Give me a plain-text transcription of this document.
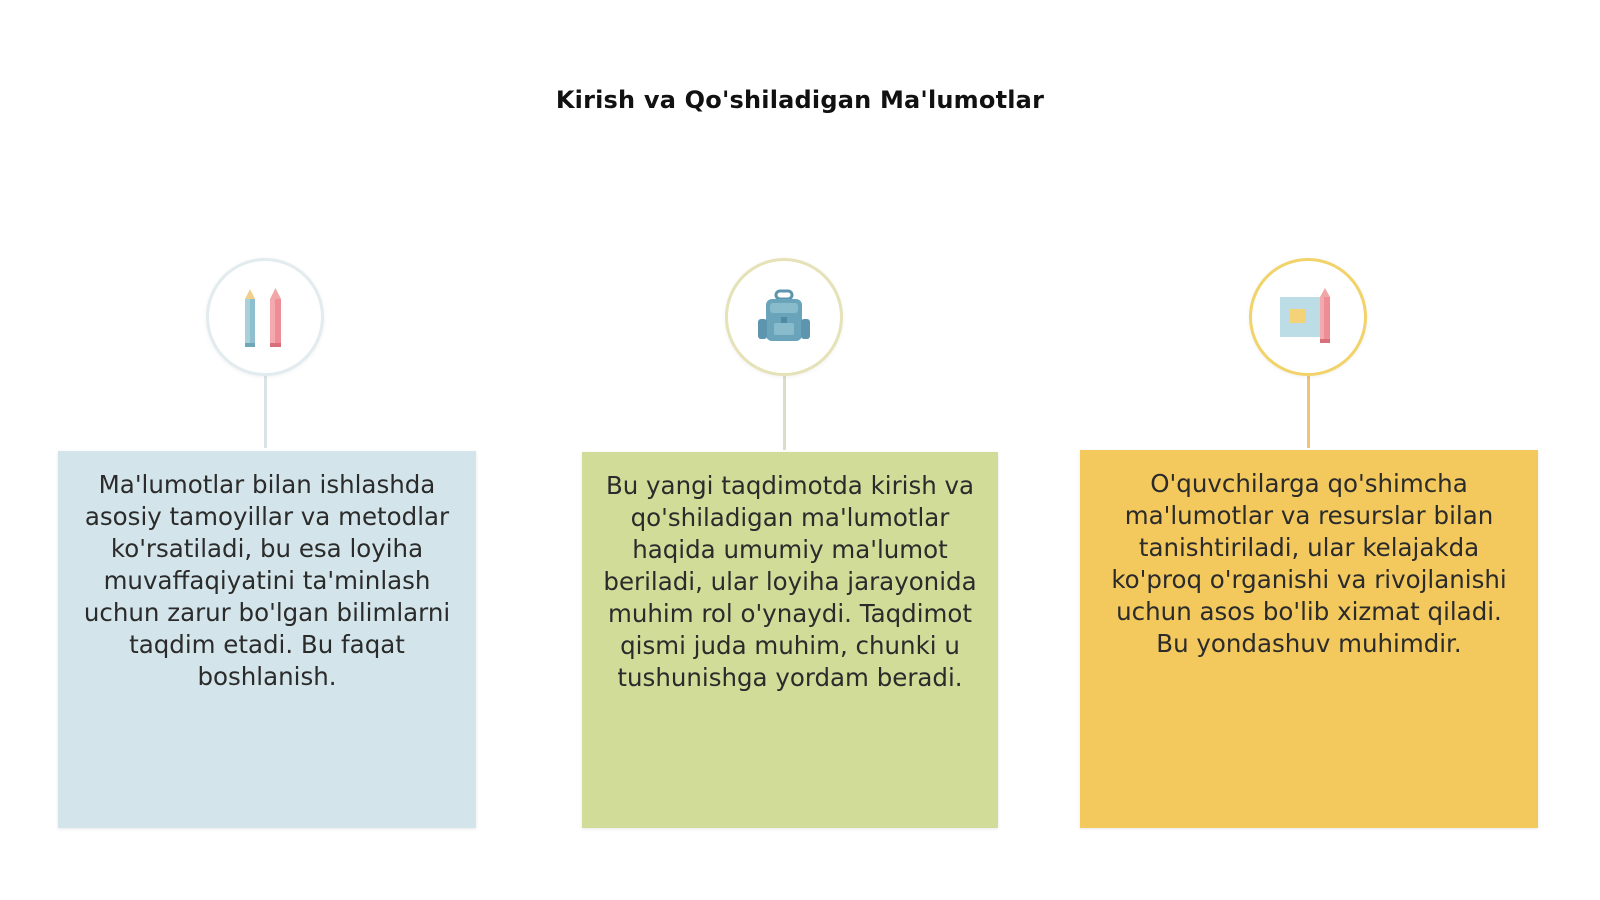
Kirish va Qo'shiladigan Ma'lumotlar
Ma'lumotlar bilan ishlashda asosiy tamoyillar va metodlar ko'rsatiladi, bu esa loyiha muvaffaqiyatini ta'minlash uchun zarur bo'lgan bilimlarni taqdim etadi. Bu faqat boshlanish.
Bu yangi taqdimotda kirish va qo'shiladigan ma'lumotlar haqida umumiy ma'lumot beriladi, ular loyiha jarayonida muhim rol o'ynaydi. Taqdimot qismi juda muhim, chunki u tushunishga yordam beradi.
O'quvchilarga qo'shimcha ma'lumotlar va resurslar bilan tanishtiriladi, ular kelajakda ko'proq o'rganishi va rivojlanishi uchun asos bo'lib xizmat qiladi. Bu yondashuv muhimdir.
